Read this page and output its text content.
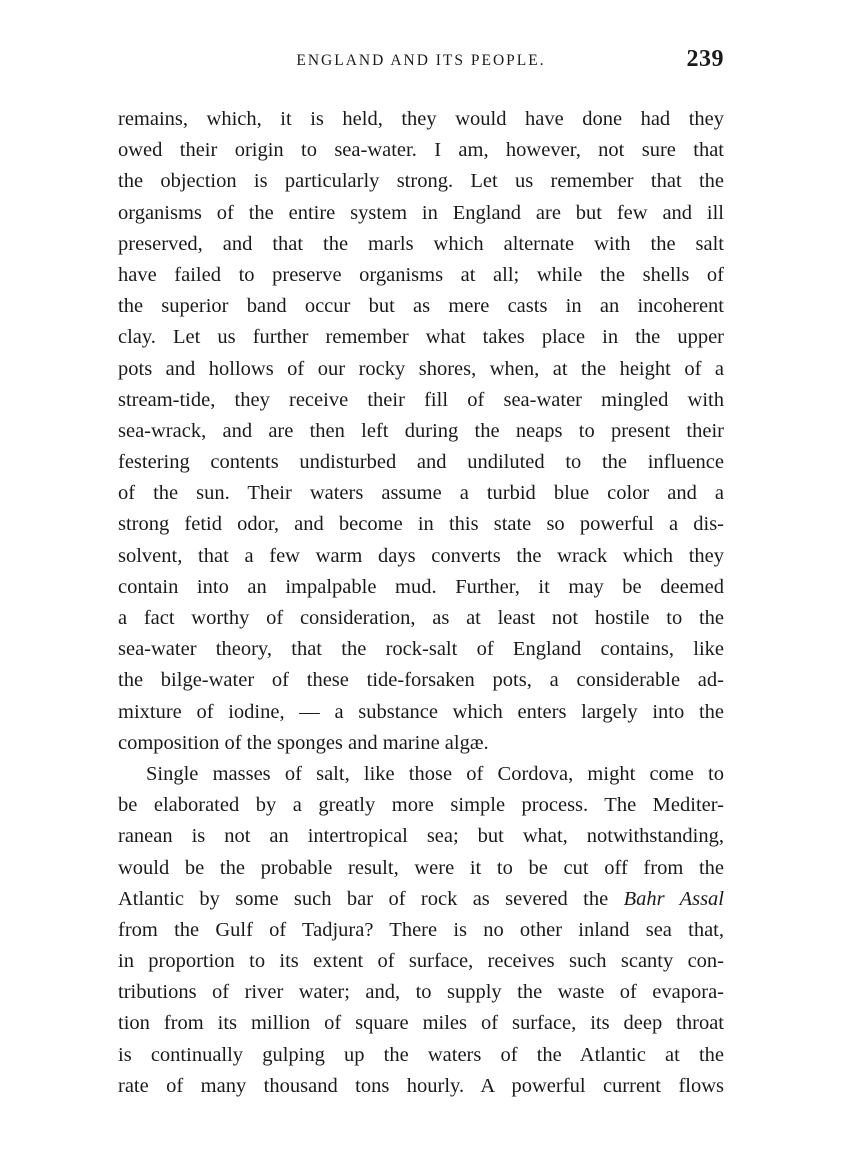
ENGLAND AND ITS PEOPLE.	239

remains, which, it is held, they would have done had they
owed their origin to sea-water. I am, however, not sure that
the objection is particularly strong. Let us remember that the
organisms of the entire system in England are but few and ill
preserved, and that the marls which alternate with the salt
have failed to preserve organisms at all; while the shells of
the superior band occur but as mere casts in an incoherent
clay. Let us further remember what takes place in the upper
pots and hollows of our rocky shores, when, at the height of a
stream-tide, they receive their fill of sea-water mingled with
sea-wrack, and are then left during the neaps to present their
festering contents undisturbed and undiluted to the influence
of the sun. Their waters assume a turbid blue color and a
strong fetid odor, and become in this state so powerful a dis-
solvent, that a few warm days converts the wrack which they
contain into an impalpable mud. Further, it may be deemed
a fact worthy of consideration, as at least not hostile to the
sea-water theory, that the rock-salt of England contains, like
the bilge-water of these tide-forsaken pots, a considerable ad-
mixture of iodine, — a substance which enters largely into the
composition of the sponges and marine algæ.

Single masses of salt, like those of Cordova, might come to
be elaborated by a greatly more simple process. The Mediter-
ranean is not an intertropical sea; but what, notwithstanding,
would be the probable result, were it to be cut off from the
Atlantic by some such bar of rock as severed the Bahr Assal
from the Gulf of Tadjura? There is no other inland sea that,
in proportion to its extent of surface, receives such scanty con-
tributions of river water; and, to supply the waste of evapora-
tion from its million of square miles of surface, its deep throat
is continually gulping up the waters of the Atlantic at the
rate of many thousand tons hourly. A powerful current flows
